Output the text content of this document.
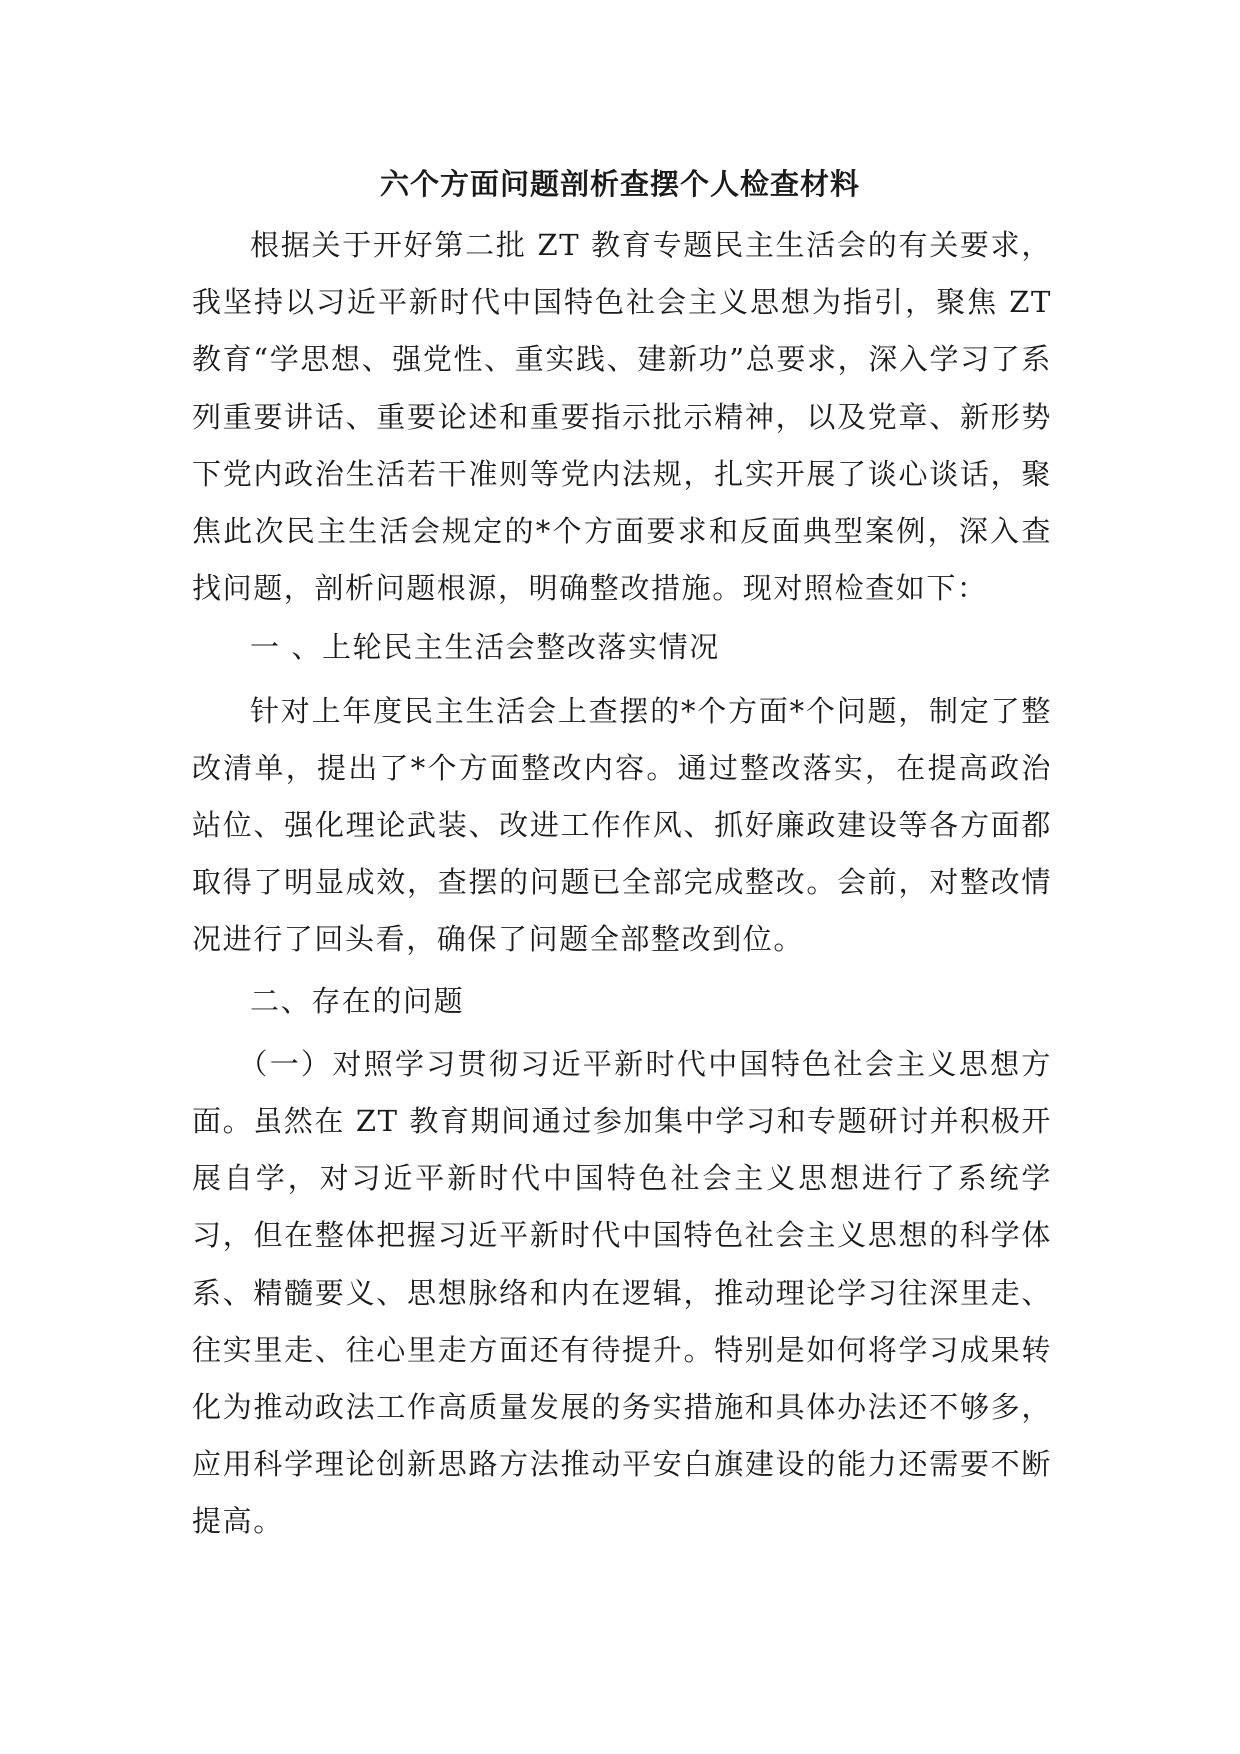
六个方面问题剖析查摆个人检查材料

根据关于开好第二批 ZT 教育专题民主生活会的有关要求，我坚持以习近平新时代中国特色社会主义思想为指引，聚焦 ZT 教育“学思想、强党性、重实践、建新功”总要求，深入学习了系列重要讲话、重要论述和重要指示批示精神，以及党章、新形势下党内政治生活若干准则等党内法规，扎实开展了谈心谈话，聚焦此次民主生活会规定的*个方面要求和反面典型案例，深入查找问题，剖析问题根源，明确整改措施。现对照检查如下：

一 、上轮民主生活会整改落实情况

针对上年度民主生活会上查摆的*个方面*个问题，制定了整改清单，提出了*个方面整改内容。通过整改落实，在提高政治站位、强化理论武装、改进工作作风、抓好廉政建设等各方面都取得了明显成效，查摆的问题已全部完成整改。会前，对整改情况进行了回头看，确保了问题全部整改到位。

二、存在的问题

（一）对照学习贯彻习近平新时代中国特色社会主义思想方面。虽然在 ZT 教育期间通过参加集中学习和专题研讨并积极开展自学，对习近平新时代中国特色社会主义思想进行了系统学习，但在整体把握习近平新时代中国特色社会主义思想的科学体系、精髓要义、思想脉络和内在逻辑，推动理论学习往深里走、往实里走、往心里走方面还有待提升。特别是如何将学习成果转化为推动政法工作高质量发展的务实措施和具体办法还不够多，应用科学理论创新思路方法推动平安白旗建设的能力还需要不断提高。
